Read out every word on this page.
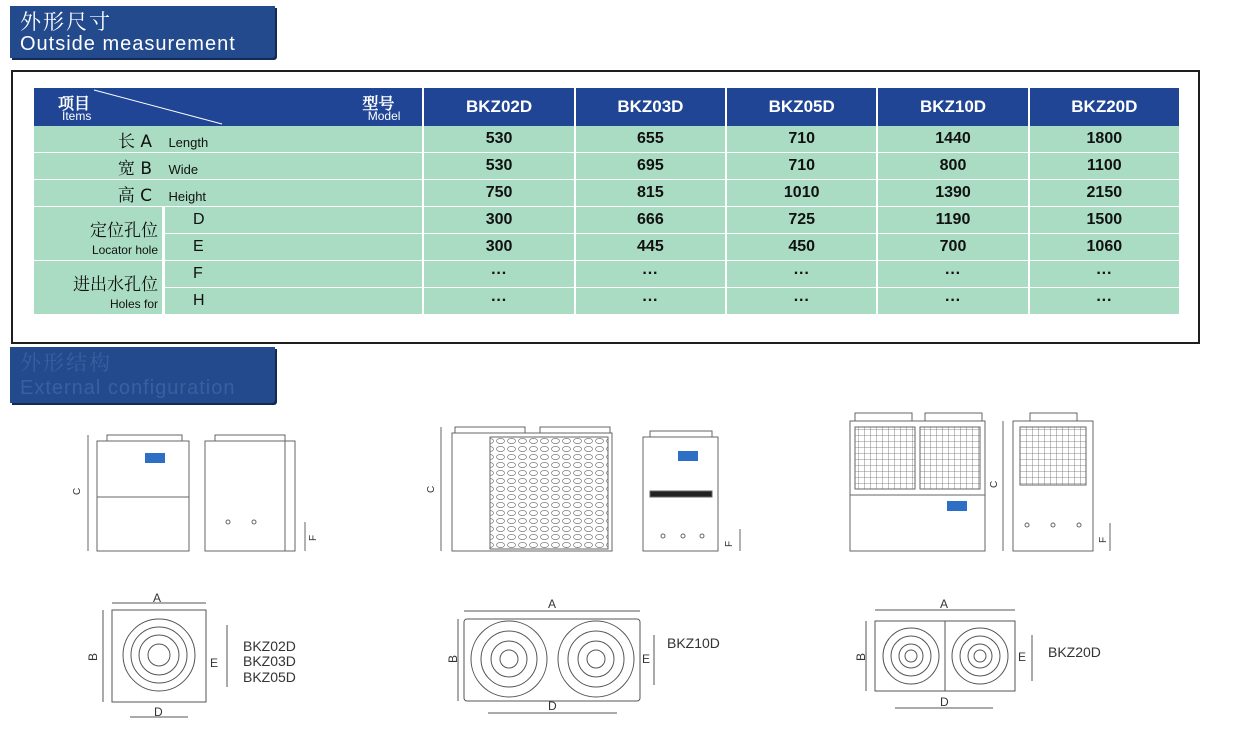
外形尺寸
Outside measurement
项目
Items
型号
Model		BKZ02D	BKZ03D	BKZ05D	BKZ10D	BKZ20D
长 A Length		530	655	710	1440	1800
宽 B Wide		530	695	710	800	1100
高 C Height		750	815	1010	1390	2150

定位孔位
Locator hole	D	300	666	725	1190	1500
	E	300	445	450	700	1060

进出水孔位
Holes for	F	···	···	···	···	···
	H	···	···	···	···	···
外形结构
External configuration
C
F
C
F
C
F
A
B	E
D
BKZ02D
BKZ03D
BKZ05D
A
B	E
D
BKZ10D
A
B	E
D
BKZ20D
